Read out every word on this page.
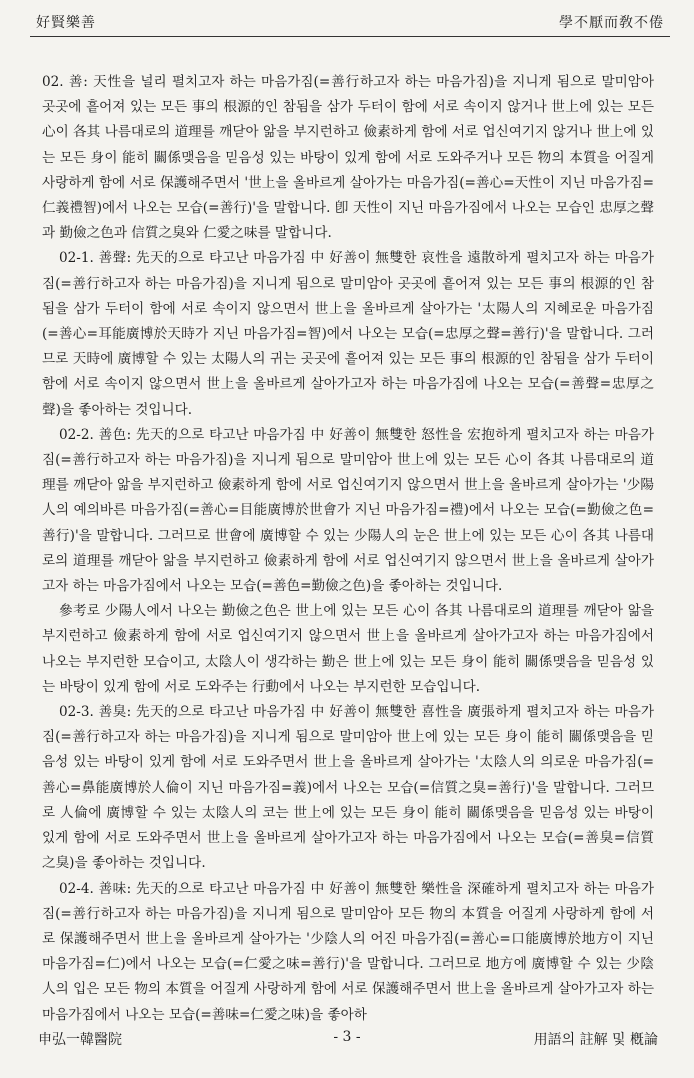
好賢樂善	學不厭而敎不倦

02. 善: 天性을 널리 펼치고자 하는 마음가짐(=善行하고자 하는 마음가짐)을 지니게 됨으로 말미암아 곳곳에 흩어져 있는 모든 事의 根源的인 참됨을 삼가 두터이 함에 서로 속이지 않거나 世上에 있는 모든 心이 各其 나름대로의 道理를 깨닫아 앎을 부지런하고 儉素하게 함에 서로 업신여기지 않거나 世上에 있는 모든 身이 能히 關係맺음을 믿음성 있는 바탕이 있게 함에 서로 도와주거나 모든 物의 本質을 어질게 사랑하게 함에 서로 保護해주면서 '世上을 올바르게 살아가는 마음가짐(=善心=天性이 지닌 마음가짐=仁義禮智)에서 나오는 모습(=善行)'을 말합니다. 卽 天性이 지닌 마음가짐에서 나오는 모습인 忠厚之聲과 勤儉之色과 信質之臭와 仁愛之味를 말합니다.

02-1. 善聲: 先天的으로 타고난 마음가짐 中 好善이 無雙한 哀性을 遠散하게 펼치고자 하는 마음가짐(=善行하고자 하는 마음가짐)을 지니게 됨으로 말미암아 곳곳에 흩어져 있는 모든 事의 根源的인 참됨을 삼가 두터이 함에 서로 속이지 않으면서 世上을 올바르게 살아가는 '太陽人의 지혜로운 마음가짐(=善心=耳能廣博於天時가 지닌 마음가짐=智)에서 나오는 모습(=忠厚之聲=善行)'을 말합니다. 그러므로 天時에 廣博할 수 있는 太陽人의 귀는 곳곳에 흩어져 있는 모든 事의 根源的인 참됨을 삼가 두터이 함에 서로 속이지 않으면서 世上을 올바르게 살아가고자 하는 마음가짐에 나오는 모습(=善聲=忠厚之聲)을 좋아하는 것입니다.

02-2. 善色: 先天的으로 타고난 마음가짐 中 好善이 無雙한 怒性을 宏抱하게 펼치고자 하는 마음가짐(=善行하고자 하는 마음가짐)을 지니게 됨으로 말미암아 世上에 있는 모든 心이 各其 나름대로의 道理를 깨닫아 앎을 부지런하고 儉素하게 함에 서로 업신여기지 않으면서 世上을 올바르게 살아가는 '少陽人의 예의바른 마음가짐(=善心=目能廣博於世會가 지닌 마음가짐=禮)에서 나오는 모습(=勤儉之色=善行)'을 말합니다. 그러므로 世會에 廣博할 수 있는 少陽人의 눈은 世上에 있는 모든 心이 各其 나름대로의 道理를 깨닫아 앎을 부지런하고 儉素하게 함에 서로 업신여기지 않으면서 世上을 올바르게 살아가고자 하는 마음가짐에서 나오는 모습(=善色=勤儉之色)을 좋아하는 것입니다.

參考로 少陽人에서 나오는 勤儉之色은 世上에 있는 모든 心이 各其 나름대로의 道理를 깨닫아 앎을 부지런하고 儉素하게 함에 서로 업신여기지 않으면서 世上을 올바르게 살아가고자 하는 마음가짐에서 나오는 부지런한 모습이고, 太陰人이 생각하는 勤은 世上에 있는 모든 身이 能히 關係맺음을 믿음성 있는 바탕이 있게 함에 서로 도와주는 行動에서 나오는 부지런한 모습입니다.

02-3. 善臭: 先天的으로 타고난 마음가짐 中 好善이 無雙한 喜性을 廣張하게 펼치고자 하는 마음가짐(=善行하고자 하는 마음가짐)을 지니게 됨으로 말미암아 世上에 있는 모든 身이 能히 關係맺음을 믿음성 있는 바탕이 있게 함에 서로 도와주면서 世上을 올바르게 살아가는 '太陰人의 의로운 마음가짐(=善心=鼻能廣博於人倫이 지닌 마음가짐=義)에서 나오는 모습(=信質之臭=善行)'을 말합니다. 그러므로 人倫에 廣博할 수 있는 太陰人의 코는 世上에 있는 모든 身이 能히 關係맺음을 믿음성 있는 바탕이 있게 함에 서로 도와주면서 世上을 올바르게 살아가고자 하는 마음가짐에서 나오는 모습(=善臭=信質之臭)을 좋아하는 것입니다.

02-4. 善味: 先天的으로 타고난 마음가짐 中 好善이 無雙한 樂性을 深確하게 펼치고자 하는 마음가짐(=善行하고자 하는 마음가짐)을 지니게 됨으로 말미암아 모든 物의 本質을 어질게 사랑하게 함에 서로 保護해주면서 世上을 올바르게 살아가는 '少陰人의 어진 마음가짐(=善心=口能廣博於地方이 지닌 마음가짐=仁)에서 나오는 모습(=仁愛之味=善行)'을 말합니다. 그러므로 地方에 廣博할 수 있는 少陰人의 입은 모든 物의 本質을 어질게 사랑하게 함에 서로 保護해주면서 世上을 올바르게 살아가고자 하는 마음가짐에서 나오는 모습(=善味=仁愛之味)을 좋아하

申弘一韓醫院	- 3 -	用語의 註解 및 槪論
